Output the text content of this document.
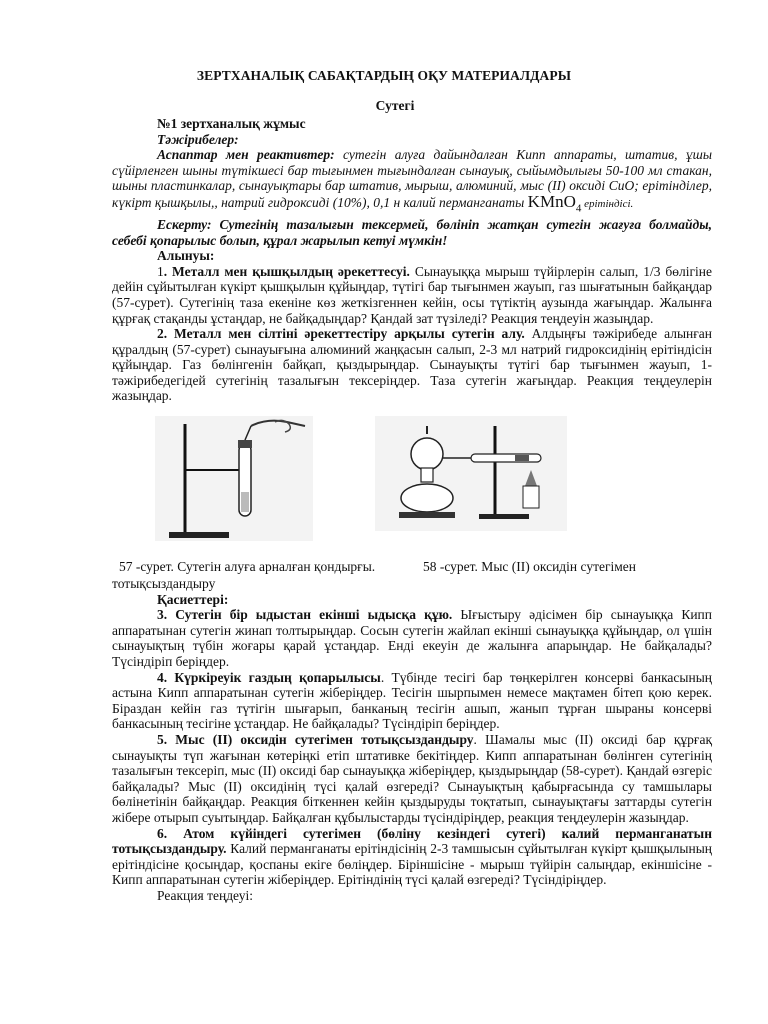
ЗЕРТХАНАЛЫҚ САБАҚТАРДЫҢ ОҚУ МАТЕРИАЛДАРЫ
Сутегі

№1 зертханалық жұмыс

Тәжірибелер:

Аспаптар мен реактивтер: сутегін алуға дайындалған Кипп аппараты, штатив, ұшы сүйірленген шыны түтікшесі бар тығынмен тығындалған сынауық, сыйымдылығы 50-100 мл стакан, шыны пластинкалар, сынауықтары бар штатив, мырыш, алюминий, мыс (ІІ) оксиді CuO; ерітінділер, күкірт қышқылы,, натрий гидроксиді (10%), 0,1 н калий перманганаты KMnO$_4$ ерітіндісі.

Ескерту: Сутегінің тазалығын тексермей, бөлініп жатқан сутегін жағуға болмайды, себебі қопарылыс болып, құрал жарылып кетуі мүмкін!

Алынуы:

1. Металл мен қышқылдың әрекеттесуі. Сынауыққа мырыш түйірлерін салып, 1/3 бөлігіне дейін сұйытылған күкірт қышқылын құйыңдар, түтігі бар тығынмен жауып, газ шығатынын байқаңдар (57-сурет). Сутегінің таза екеніне көз жеткізгеннен кейін, осы түтіктің аузында жағыңдар. Жалынға құрғақ стақанды ұстаңдар, не байқадыңдар? Қандай зат түзіледі? Реакция теңдеуін жазыңдар.

2. Металл мен сілтіні әрекеттестіру арқылы сутегін алу. Алдыңғы тәжірибеде алынған құралдың (57-сурет) сынауығына алюминий жаңқасын салып, 2-3 мл натрий гидроксидінің ерітіндісін құйыңдар. Газ бөлінгенін байқап, қыздырыңдар. Сынауықты түтігі бар тығынмен жауып, 1-тәжірибедегідей сутегінің тазалығын тексеріңдер. Таза сутегін жағыңдар. Реакция теңдеулерін жазыңдар.

57 -сурет. Сутегін алуға арналған қондырғы.	58 -сурет. Мыс (ІІ) оксидін сутегімен

тотықсыздандыру

Қасиеттері:

3. Сутегін бір ыдыстан екінші ыдысқа құю. Ығыстыру әдісімен бір сынауыққа Кипп аппаратынан сутегін жинап толтырыңдар. Сосын сутегін жайлап екінші сынауыққа құйыңдар, ол үшін сынауықтың түбін жоғары қарай ұстаңдар. Енді екеуін де жалынға апарыңдар. Не байқалады? Түсіндіріп беріңдер.

4. Күркіреуік газдың қопарылысы. Түбінде тесігі бар төңкерілген консерві банкасының астына Кипп аппаратынан сутегін жіберіңдер. Тесігін шырпымен немесе мақтамен бітеп қою керек. Біраздан кейін газ түтігін шығарып, банканың тесігін ашып, жанып тұрған шыраны консерві банкасының тесігіне ұстаңдар. Не байқалады? Түсіндіріп беріңдер.

5. Мыс (ІІ) оксидін сутегімен тотықсыздандыру. Шамалы мыс (ІІ) оксиді бар құрғақ сынауықты түп жағынан көтеріңкі етіп штативке бекітіңдер. Кипп аппаратынан бөлінген сутегінің тазалығын тексеріп, мыс (ІІ) оксиді бар сынауыққа жіберіңдер, қыздырыңдар (58-сурет). Қандай өзгеріс байқалады? Мыс (ІІ) оксидінің түсі қалай өзгереді? Сынауықтың қабырғасында су тамшылары бөлінетінін байқаңдар. Реакция біткеннен кейін қыздыруды тоқтатып, сынауықтағы заттарды сутегін жібере отырып суытыңдар. Байқалған құбылыстарды түсіндіріңдер, реакция теңдеулерін жазыңдар.

6. Атом күйіндегі сутегімен (бөліну кезіндегі сутегі) калий перманганатын тотықсыздандыру. Калий перманганаты ерітіндісінің 2-3 тамшысын сұйытылған күкірт қышқылының ерітіндісіне қосыңдар, қоспаны екіге бөліңдер. Біріншісіне - мырыш түйірін салыңдар, екіншісіне - Кипп аппаратынан сутегін жіберіңдер. Ерітіндінің түсі қалай өзгереді? Түсіндіріңдер.

Реакция теңдеуі:
